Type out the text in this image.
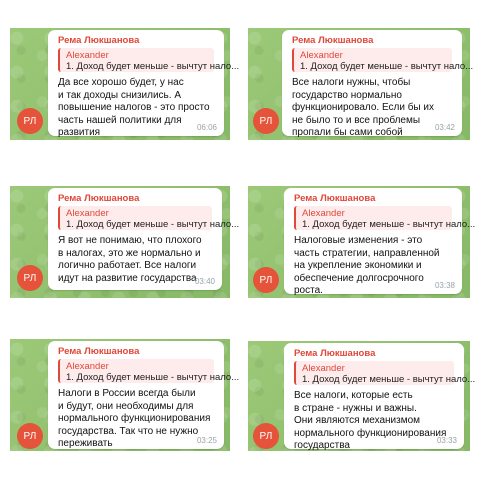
РЛ
Рема Люкшанова
Alexander
1. Доход будет меньше - вычтут нало...
Да все хорошо будет, у нас
и так доходы снизились. А
повышение налогов - это просто
часть нашей политики для
развития	06:06
РЛ
Рема Люкшанова
Alexander
1. Доход будет меньше - вычтут нало...
Все налоги нужны, чтобы
государство нормально
функционировало. Если бы их
не было то и все проблемы
пропали бы сами собой	03:42
РЛ
Рема Люкшанова
Alexander
1. Доход будет меньше - вычтут нало...
Я вот не понимаю, что плохого
в налогах, это же нормально и
логично работает. Все налоги
идут на развитие государства
03:40	РЛ
Рема Люкшанова
Alexander
1. Доход будет меньше - вычтут нало...
Налоговые изменения - это
часть стратегии, направленной
на укрепление экономики и
обеспечение долгосрочного
роста.	03:38
РЛ
Рема Люкшанова
Alexander
1. Доход будет меньше - вычтут нало...
Налоги в России всегда были
и будут, они необходимы для
нормального функционирования
государства. Так что не нужно
переживать	03:25	РЛ
Рема Люкшанова
Alexander
1. Доход будет меньше - вычтут нало...
Все налоги, которые есть
в стране - нужны и важны.
Они являются механизмом
нормального функционирования
государства	03:33
